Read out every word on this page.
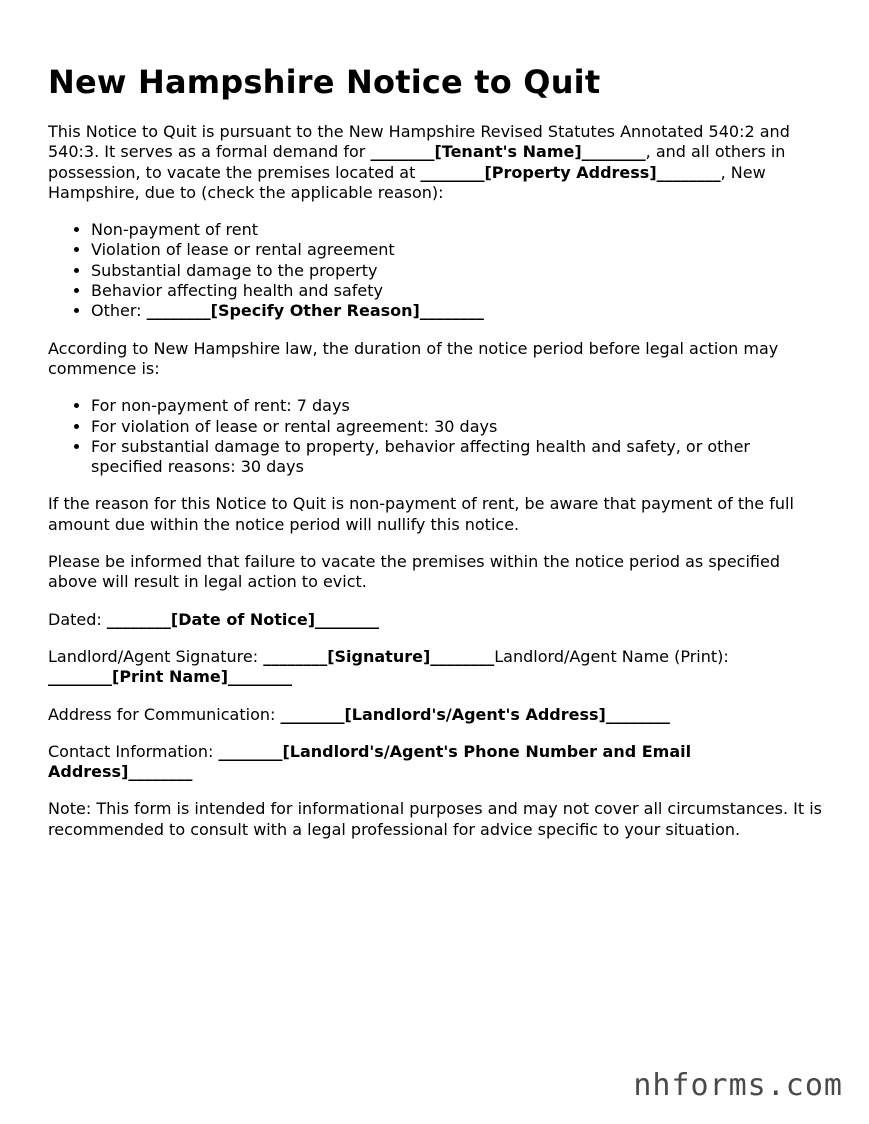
New Hampshire Notice to Quit

This Notice to Quit is pursuant to the New Hampshire Revised Statutes Annotated 540:2 and 540:3. It serves as a formal demand for ________[Tenant's Name]________, and all others in possession, to vacate the premises located at ________[Property Address]________, New Hampshire, due to (check the applicable reason):

• Non-payment of rent
• Violation of lease or rental agreement
• Substantial damage to the property
• Behavior affecting health and safety
• Other: ________[Specify Other Reason]________

According to New Hampshire law, the duration of the notice period before legal action may commence is:

• For non-payment of rent: 7 days
• For violation of lease or rental agreement: 30 days
• For substantial damage to property, behavior affecting health and safety, or other specified reasons: 30 days

If the reason for this Notice to Quit is non-payment of rent, be aware that payment of the full amount due within the notice period will nullify this notice.

Please be informed that failure to vacate the premises within the notice period as specified above will result in legal action to evict.

Dated: ________[Date of Notice]________

Landlord/Agent Signature: ________[Signature]________Landlord/Agent Name (Print): ________[Print Name]________

Address for Communication: ________[Landlord's/Agent's Address]________

Contact Information: ________[Landlord's/Agent's Phone Number and Email Address]________

Note: This form is intended for informational purposes and may not cover all circumstances. It is recommended to consult with a legal professional for advice specific to your situation.

nhforms.com
